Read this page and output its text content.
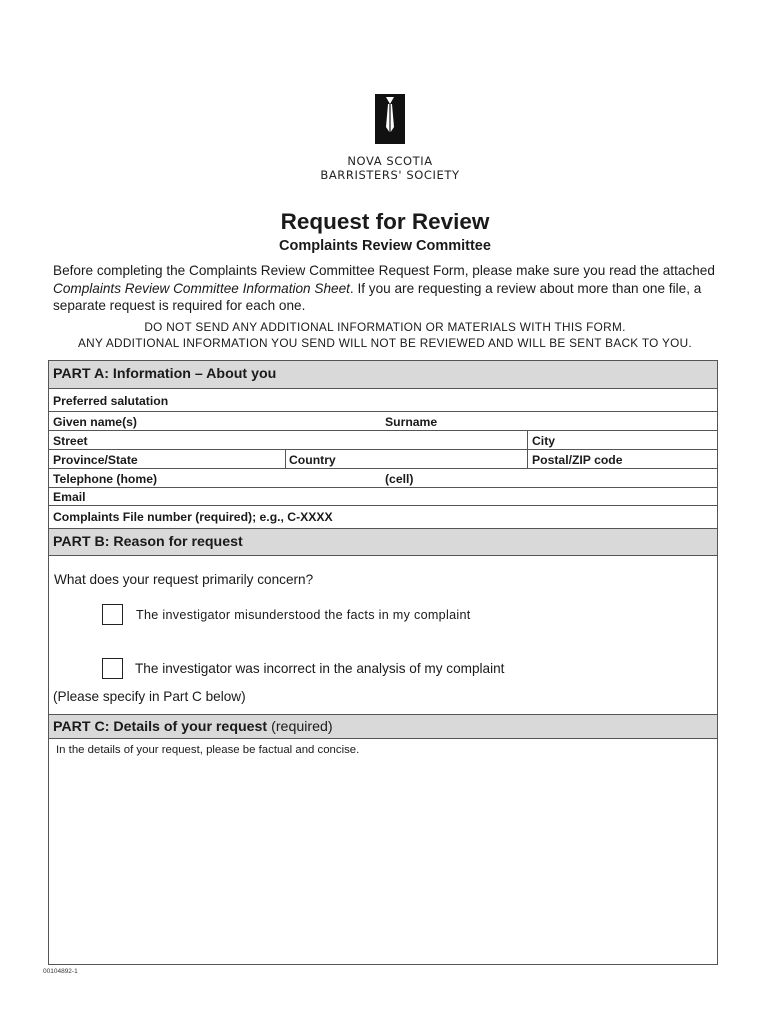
NOVA SCOTIA
BARRISTERS' SOCIETY
Request for Review
Complaints Review Committee
Before completing the Complaints Review Committee Request Form, please make sure you read the attached Complaints Review Committee Information Sheet. If you are requesting a review about more than one file, a separate request is required for each one.
DO NOT SEND ANY ADDITIONAL INFORMATION OR MATERIALS WITH THIS FORM.
ANY ADDITIONAL INFORMATION YOU SEND WILL NOT BE REVIEWED AND WILL BE SENT BACK TO YOU.
PART A: Information – About you
Preferred salutation
Given name(s)	Surname
Street	City
Province/State	Country	Postal/ZIP code
Telephone (home)	(cell)
Email
Complaints File number (required); e.g., C-XXXX
PART B: Reason for request
What does your request primarily concern?
The investigator misunderstood the facts in my complaint
The investigator was incorrect in the analysis of my complaint
(Please specify in Part C below)
PART C: Details of your request (required)
In the details of your request, please be factual and concise.
00104892-1
